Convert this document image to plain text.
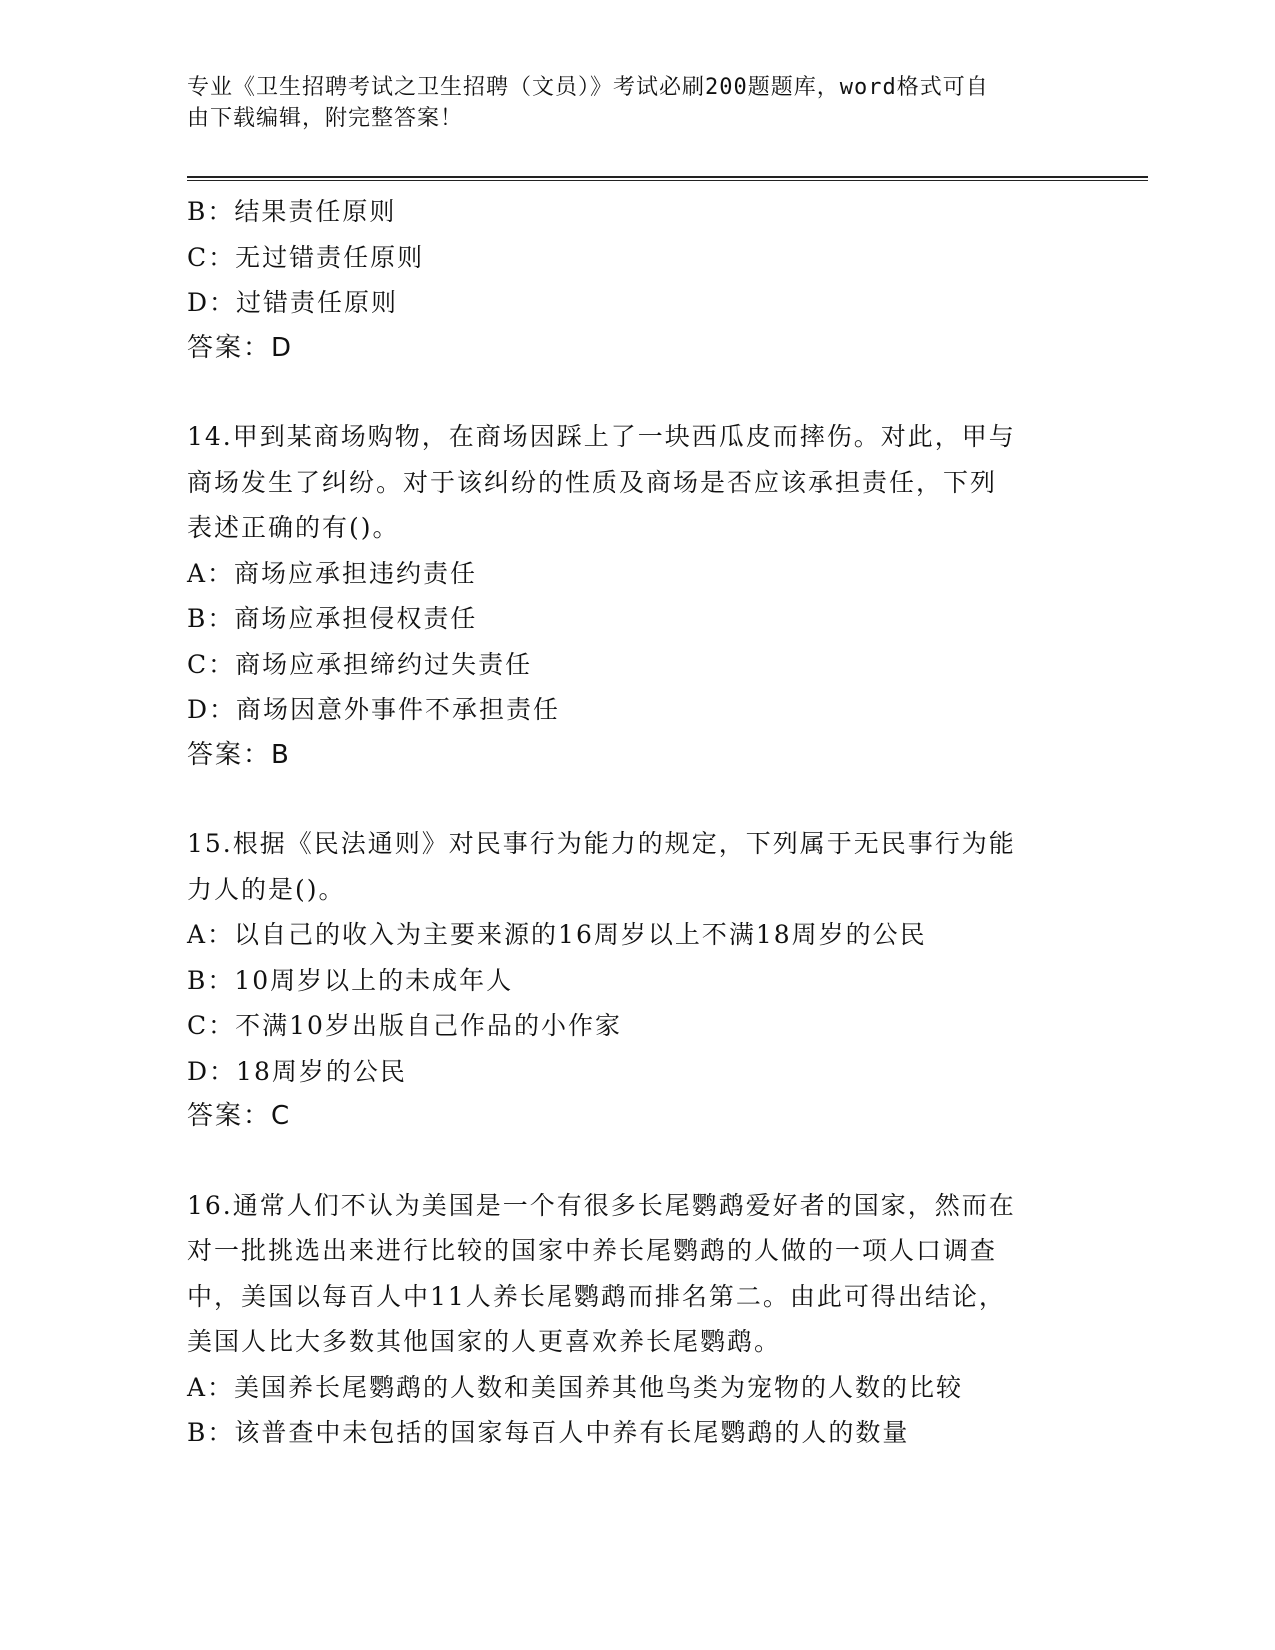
专业《卫生招聘考试之卫生招聘（文员）》考试必刷200题题库，word格式可自
由下载编辑，附完整答案！
B：结果责任原则
C：无过错责任原则
D：过错责任原则
答案：D
14.甲到某商场购物，在商场因踩上了一块西瓜皮而摔伤。对此，甲与
商场发生了纠纷。对于该纠纷的性质及商场是否应该承担责任，下列
表述正确的有()。
A：商场应承担违约责任
B：商场应承担侵权责任
C：商场应承担缔约过失责任
D：商场因意外事件不承担责任
答案：B
15.根据《民法通则》对民事行为能力的规定，下列属于无民事行为能
力人的是()。
A：以自己的收入为主要来源的16周岁以上不满18周岁的公民
B：10周岁以上的未成年人
C：不满10岁出版自己作品的小作家
D：18周岁的公民
答案：C
16.通常人们不认为美国是一个有很多长尾鹦鹉爱好者的国家，然而在
对一批挑选出来进行比较的国家中养长尾鹦鹉的人做的一项人口调查
中，美国以每百人中11人养长尾鹦鹉而排名第二。由此可得出结论，
美国人比大多数其他国家的人更喜欢养长尾鹦鹉。
A：美国养长尾鹦鹉的人数和美国养其他鸟类为宠物的人数的比较
B：该普查中未包括的国家每百人中养有长尾鹦鹉的人的数量
